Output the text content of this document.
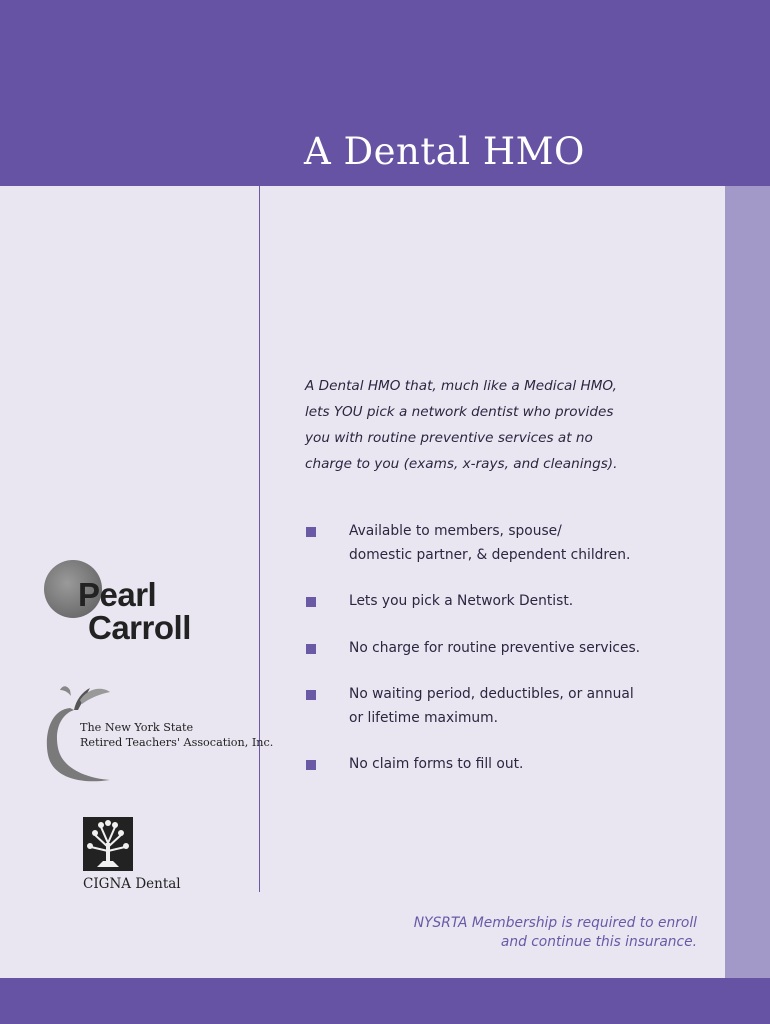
A Dental HMO

A Dental HMO that, much like a Medical HMO,

lets YOU pick a network dentist who provides

you with routine preventive services at no

charge to you (exams, x-rays, and cleanings).

Available to members, spouse/
domestic partner, & dependent children.
Lets you pick a Network Dentist.
No charge for routine preventive services.
No waiting period, deductibles, or annual
or lifetime maximum.
No claim forms to fill out.
Pearl
Carroll
The New York State
Retired Teachers' Assocation, Inc.
CIGNA Dental

NYSRTA Membership is required to enroll

and continue this insurance.
